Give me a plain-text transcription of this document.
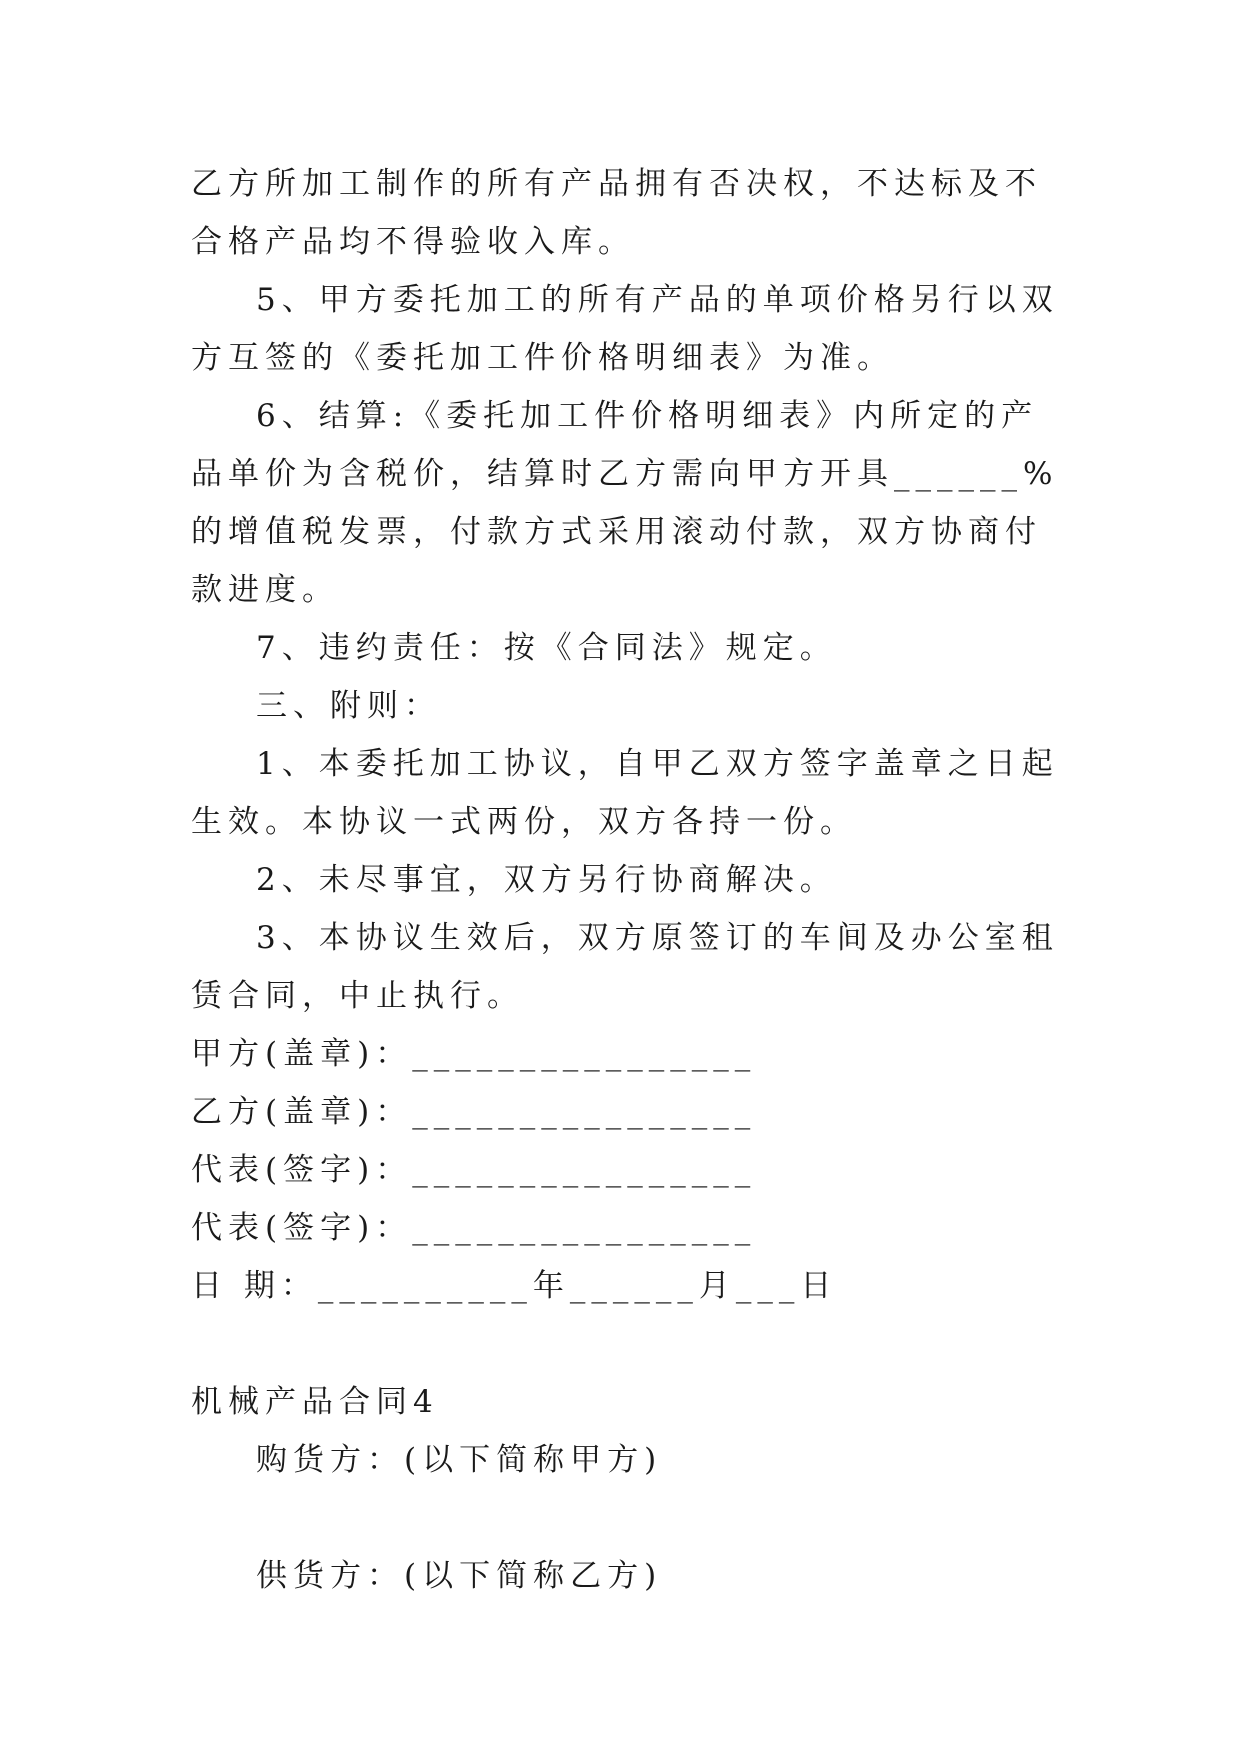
乙方所加工制作的所有产品拥有否决权，不达标及不合格产品均不得验收入库。

5、甲方委托加工的所有产品的单项价格另行以双方互签的《委托加工件价格明细表》为准。

6、结算:《委托加工件价格明细表》内所定的产品单价为含税价，结算时乙方需向甲方开具______%的增值税发票，付款方式采用滚动付款，双方协商付款进度。

7、违约责任：按《合同法》规定。

三、附则：

1、本委托加工协议，自甲乙双方签字盖章之日起生效。本协议一式两份，双方各持一份。

2、未尽事宜，双方另行协商解决。

3、本协议生效后，双方原签订的车间及办公室租赁合同，中止执行。

甲方(盖章)：________________

乙方(盖章)：________________

代表(签字)：________________

代表(签字)：________________

日 期：__________年______月___日

机械产品合同4

购货方：(以下简称甲方)

供货方：(以下简称乙方)
